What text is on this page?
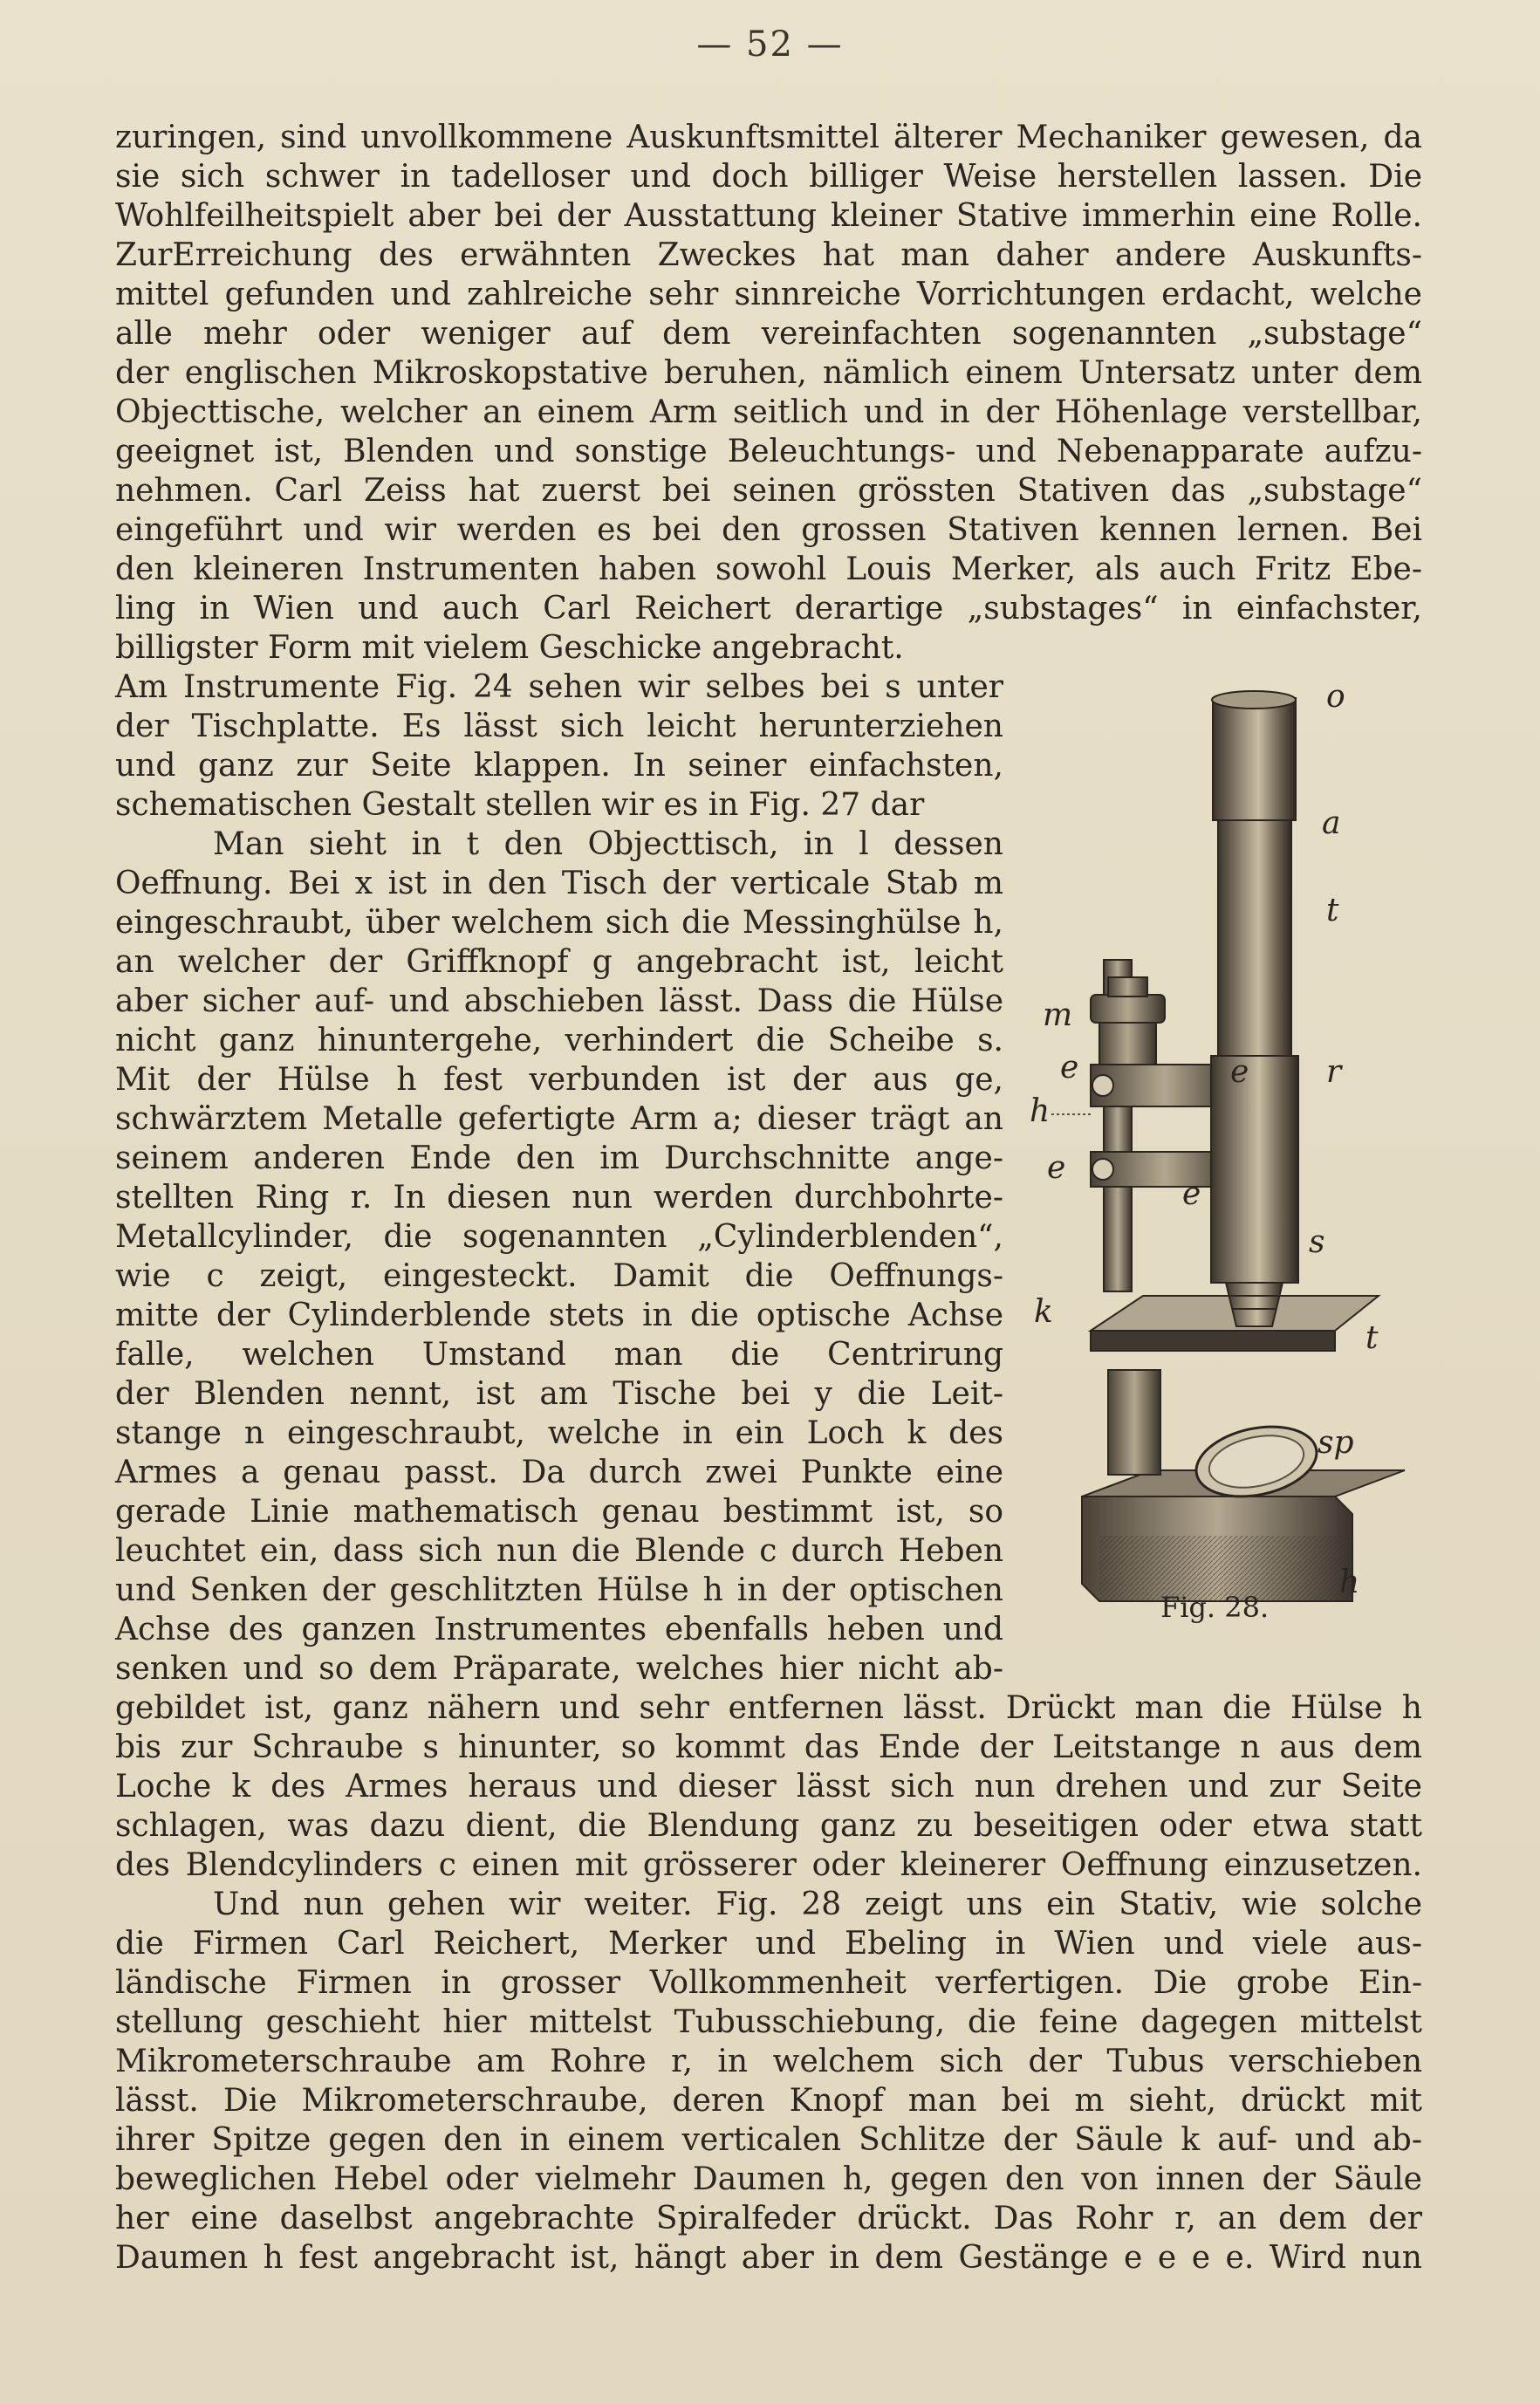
— 52 —
zuringen, sind unvollkommene Auskunftsmittel älterer Mechaniker gewesen, da
sie sich schwer in tadelloser und doch billiger Weise herstellen lassen. Die
Wohlfeilheitspielt aber bei der Ausstattung kleiner Stative immerhin eine Rolle.
ZurErreichung des erwähnten Zweckes hat man daher andere Auskunfts-
mittel gefunden und zahlreiche sehr sinnreiche Vorrichtungen erdacht, welche
alle mehr oder weniger auf dem vereinfachten sogenannten „substage“
der englischen Mikroskopstative beruhen, nämlich einem Untersatz unter dem
Objecttische, welcher an einem Arm seitlich und in der Höhenlage verstellbar,
geeignet ist, Blenden und sonstige Beleuchtungs- und Nebenapparate aufzu-
nehmen. Carl Zeiss hat zuerst bei seinen grössten Stativen das „substage“
eingeführt und wir werden es bei den grossen Stativen kennen lernen. Bei
den kleineren Instrumenten haben sowohl Louis Merker, als auch Fritz Ebe-
ling in Wien und auch Carl Reichert derartige „substages“ in einfachster,
billigster Form mit vielem Geschicke angebracht.
Am Instrumente Fig. 24 sehen wir selbes bei s unter
der Tischplatte. Es lässt sich leicht herunterziehen
und ganz zur Seite klappen. In seiner einfachsten,
schematischen Gestalt stellen wir es in Fig. 27 dar
Man sieht in t den Objecttisch, in l dessen
Oeffnung. Bei x ist in den Tisch der verticale Stab m
eingeschraubt, über welchem sich die Messinghülse h,
an welcher der Griffknopf g angebracht ist, leicht
aber sicher auf- und abschieben lässt. Dass die Hülse
nicht ganz hinuntergehe, verhindert die Scheibe s.
Mit der Hülse h fest verbunden ist der aus ge,
schwärztem Metalle gefertigte Arm a; dieser trägt an
seinem anderen Ende den im Durchschnitte ange-
stellten Ring r. In diesen nun werden durchbohrte-
Metallcylinder, die sogenannten „Cylinderblenden“,
wie c zeigt, eingesteckt. Damit die Oeffnungs-
mitte der Cylinderblende stets in die optische Achse
falle, welchen Umstand man die Centrirung
der Blenden nennt, ist am Tische bei y die Leit-
stange n eingeschraubt, welche in ein Loch k des
Armes a genau passt. Da durch zwei Punkte eine
gerade Linie mathematisch genau bestimmt ist, so
leuchtet ein, dass sich nun die Blende c durch Heben
und Senken der geschlitzten Hülse h in der optischen
Achse des ganzen Instrumentes ebenfalls heben und
senken und so dem Präparate, welches hier nicht ab-
gebildet ist, ganz nähern und sehr entfernen lässt. Drückt man die Hülse h
bis zur Schraube s hinunter, so kommt das Ende der Leitstange n aus dem
Loche k des Armes heraus und dieser lässt sich nun drehen und zur Seite
schlagen, was dazu dient, die Blendung ganz zu beseitigen oder etwa statt
des Blendcylinders c einen mit grösserer oder kleinerer Oeffnung einzusetzen.
Und nun gehen wir weiter. Fig. 28 zeigt uns ein Stativ, wie solche
die Firmen Carl Reichert, Merker und Ebeling in Wien und viele aus-
ländische Firmen in grosser Vollkommenheit verfertigen. Die grobe Ein-
stellung geschieht hier mittelst Tubusschiebung, die feine dagegen mittelst
Mikrometerschraube am Rohre r, in welchem sich der Tubus verschieben
lässt. Die Mikrometerschraube, deren Knopf man bei m sieht, drückt mit
ihrer Spitze gegen den in einem verticalen Schlitze der Säule k auf- und ab-
beweglichen Hebel oder vielmehr Daumen h, gegen den von innen der Säule
her eine daselbst angebrachte Spiralfeder drückt. Das Rohr r, an dem der
Daumen h fest angebracht ist, hängt aber in dem Gestänge e e e e. Wird nun
o
a
t
m
r
e	e
e
e
h
s
k
t
sp
h
Fig. 28.
